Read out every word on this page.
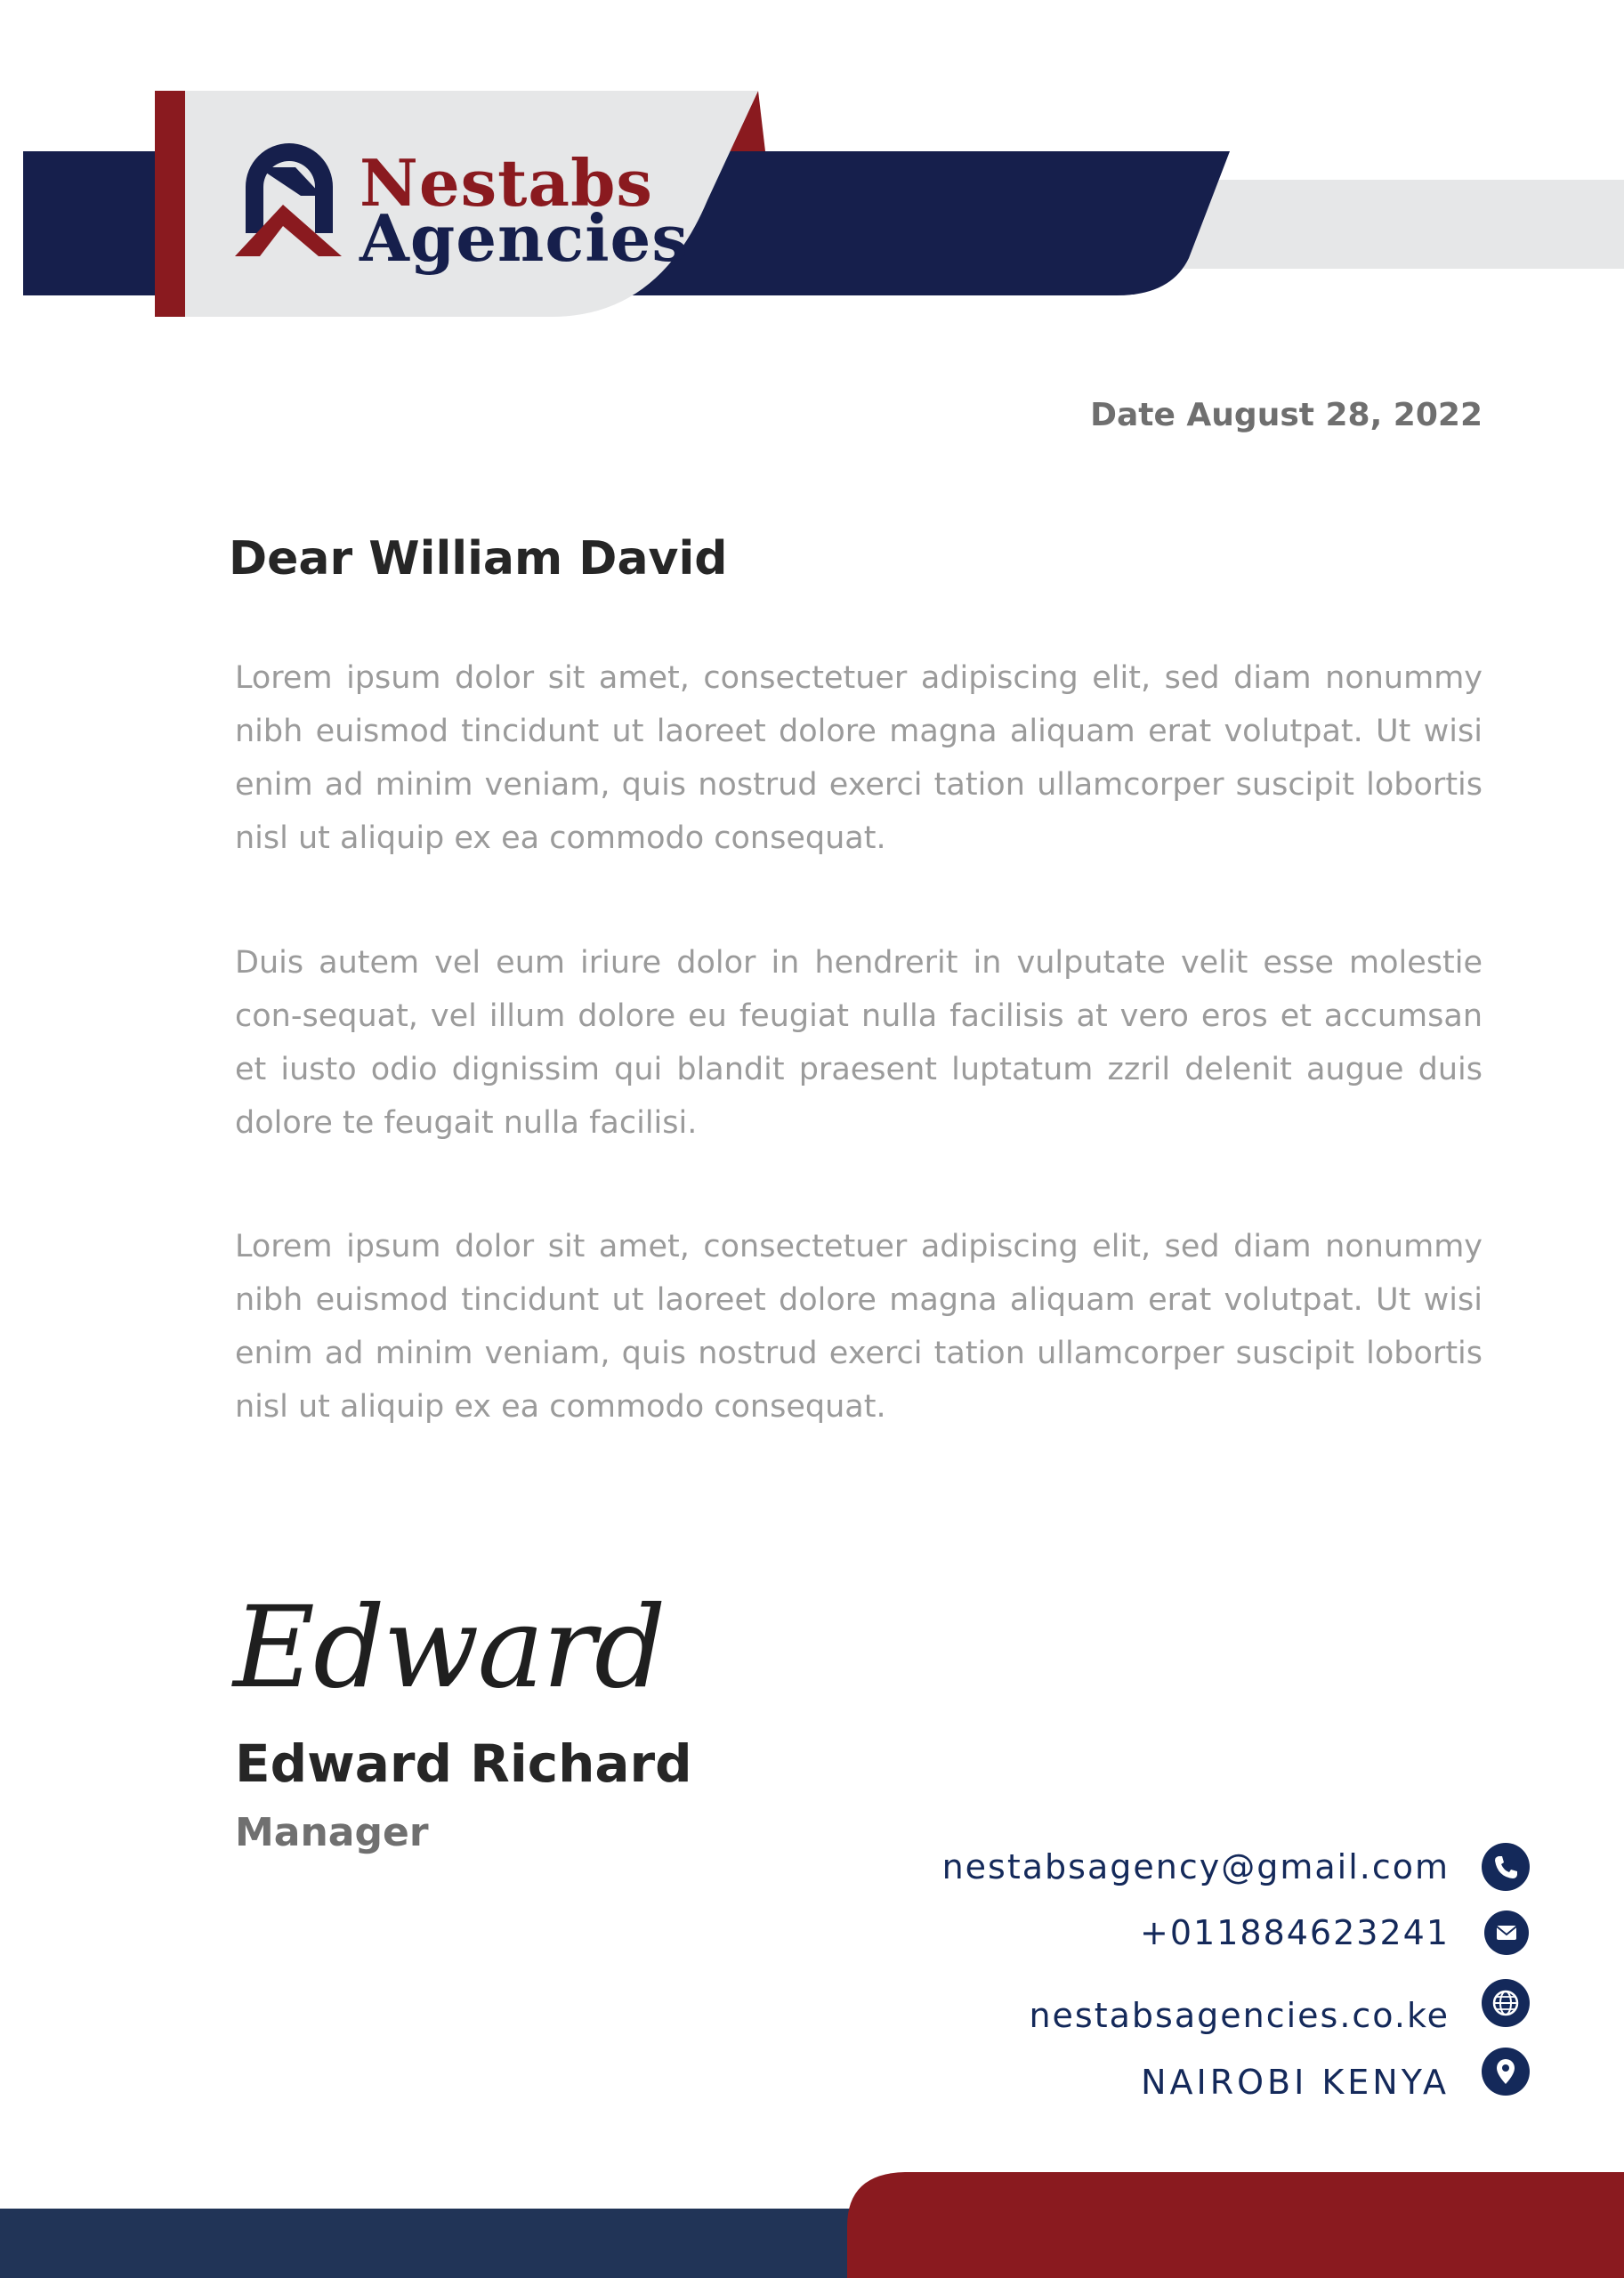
Nestabs
Agencies
Date August 28, 2022
Dear William David

Lorem ipsum dolor sit amet, consectetuer adipiscing elit, sed diam nonummy nibh euismod tincidunt ut laoreet dolore magna aliquam erat volutpat. Ut wisi enim ad minim veniam, quis nostrud exerci tation ullamcorper suscipit lobortis nisl ut aliquip ex ea commodo consequat.

Duis autem vel eum iriure dolor in hendrerit in vulputate velit esse molestie con-sequat, vel illum dolore eu feugiat nulla facilisis at vero eros et accumsan et iusto odio dignissim qui blandit praesent luptatum zzril delenit augue duis dolore te feugait nulla facilisi.

Lorem ipsum dolor sit amet, consectetuer adipiscing elit, sed diam nonummy nibh euismod tincidunt ut laoreet dolore magna aliquam erat volutpat. Ut wisi enim ad minim veniam, quis nostrud exerci tation ullamcorper suscipit lobortis nisl ut aliquip ex ea commodo consequat.

Edward
Edward Richard
Manager
nestabsagency@gmail.com
+011884623241
nestabsagencies.co.ke
NAIROBI KENYA
